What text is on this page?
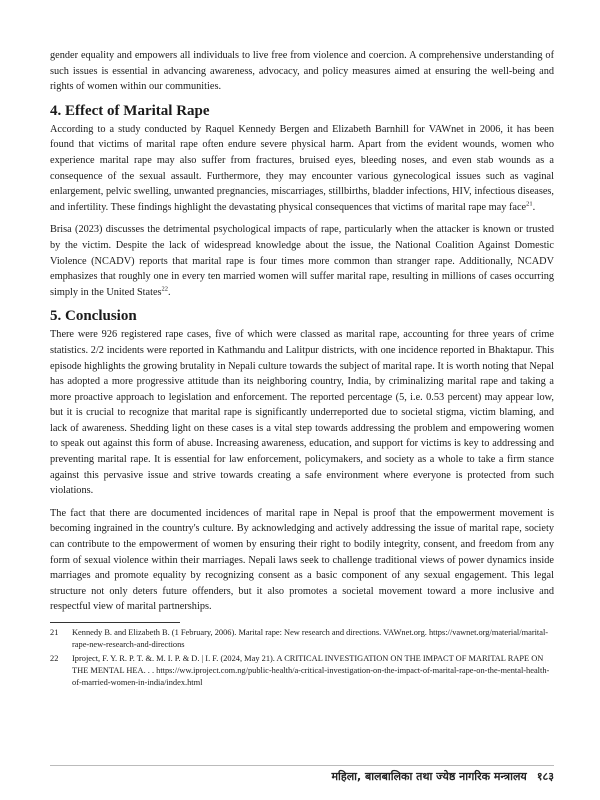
gender equality and empowers all individuals to live free from violence and coercion. A comprehensive understanding of such issues is essential in advancing awareness, advocacy, and policy measures aimed at ensuring the well-being and rights of women within our communities.

4. Effect of Marital Rape

According to a study conducted by Raquel Kennedy Bergen and Elizabeth Barnhill for VAWnet in 2006, it has been found that victims of marital rape often endure severe physical harm. Apart from the evident wounds, women who experience marital rape may also suffer from fractures, bruised eyes, bleeding noses, and even stab wounds as a consequence of the sexual assault. Furthermore, they may encounter various gynecological issues such as vaginal enlargement, pelvic swelling, unwanted pregnancies, miscarriages, stillbirths, bladder infections, HIV, infectious diseases, and infertility. These findings highlight the devastating physical consequences that victims of marital rape may face$^{21}$.

Brisa (2023) discusses the detrimental psychological impacts of rape, particularly when the attacker is known or trusted by the victim. Despite the lack of widespread knowledge about the issue, the National Coalition Against Domestic Violence (NCADV) reports that marital rape is four times more common than stranger rape. Additionally, NCADV emphasizes that roughly one in every ten married women will suffer marital rape, resulting in millions of cases occurring simply in the United States$^{22}$.

5. Conclusion

There were 926 registered rape cases, five of which were classed as marital rape, accounting for three years of crime statistics. 2/2 incidents were reported in Kathmandu and Lalitpur districts, with one incidence reported in Bhaktapur. This episode highlights the growing brutality in Nepali culture towards the subject of marital rape. It is worth noting that Nepal has adopted a more progressive attitude than its neighboring country, India, by criminalizing marital rape and taking a more proactive approach to legislation and enforcement. The reported percentage (5, i.e. 0.53 percent) may appear low, but it is crucial to recognize that marital rape is significantly underreported due to societal stigma, victim blaming, and lack of awareness. Shedding light on these cases is a vital step towards addressing the problem and empowering women to speak out against this form of abuse. Increasing awareness, education, and support for victims is key to addressing and preventing marital rape. It is essential for law enforcement, policymakers, and society as a whole to take a firm stance against this pervasive issue and strive towards creating a safe environment where everyone is protected from such violations.

The fact that there are documented incidences of marital rape in Nepal is proof that the empowerment movement is becoming ingrained in the country's culture. By acknowledging and actively addressing the issue of marital rape, society can contribute to the empowerment of women by ensuring their right to bodily integrity, consent, and freedom from any form of sexual violence within their marriages. Nepali laws seek to challenge traditional views of power dynamics inside marriages and promote equality by recognizing consent as a basic component of any sexual engagement. This legal structure not only deters future offenders, but it also promotes a societal movement toward a more inclusive and respectful view of marital partnerships.

21	Kennedy B. and Elizabeth B. (1 February, 2006). Marital rape: New research and directions. VAWnet.org. https://vawnet.org/material/marital-rape-new-research-and-directions
22	Iproject, F. Y. R. P. T. &. M. I. P. & D. | I. F. (2024, May 21). A CRITICAL INVESTIGATION ON THE IMPACT OF MARITAL RAPE ON THE MENTAL HEA. . . https://ww.iproject.com.ng/public-health/a-critical-investigation-on-the-impact-of-marital-rape-on-the-mental-health-of-married-women-in-india/index.html
महिला, बालबालिका तथा ज्येष्ठ नागरिक मन्त्रालय १८३
